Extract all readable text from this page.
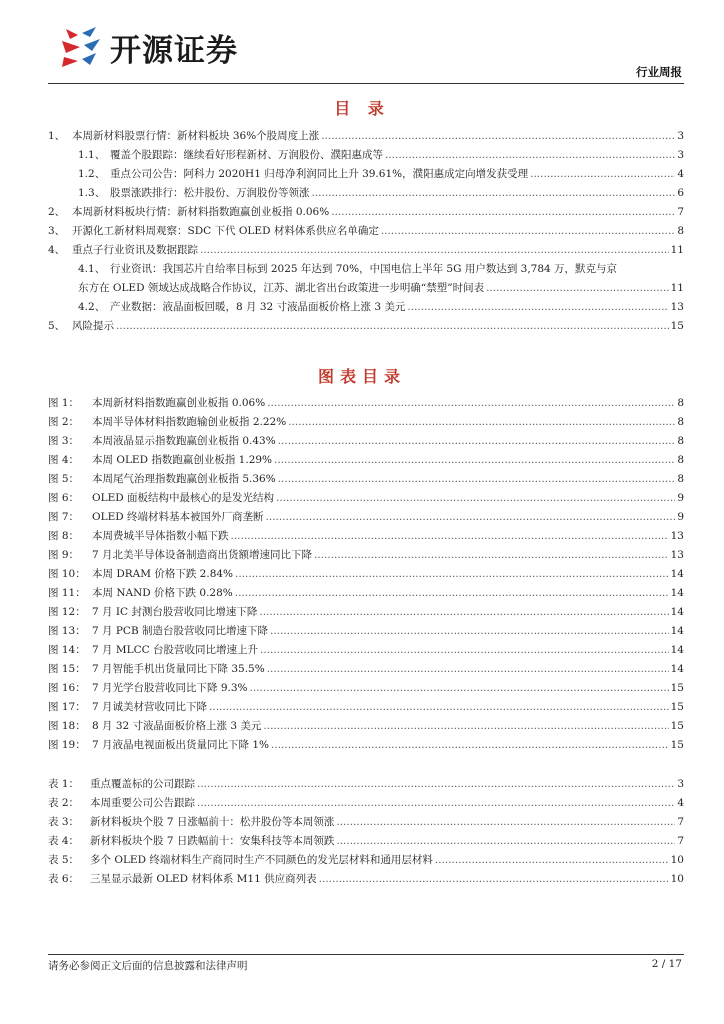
开源证券
行业周报
目 录
1、 本周新材料股票行情：新材料板块 36%个股周度上涨 .....	3
1.1、 覆盖个股跟踪：继续看好形程新材、万润股份、濮阳惠成等 .....	3
1.2、 重点公司公告：阿科力 2020H1 归母净利润同比上升 39.61%，濮阳惠成定向增发获受理 .....	4
1.3、 股票涨跌排行：松井股份、万润股份等领涨 .....	6
2、 本周新材料板块行情：新材料指数跑赢创业板指 0.06% .....	7
3、 开源化工新材料周观察：SDC 下代 OLED 材料体系供应名单确定 .....	8
4、 重点子行业资讯及数据跟踪 .....	11
4.1、 行业资讯：我国芯片自给率目标到 2025 年达到 70%，中国电信上半年 5G 用户数达到 3,784 万，默克与京
东方在 OLED 领域达成战略合作协议，江苏、湖北省出台政策进一步明确“禁塑”时间表 .....	11
4.2、 产业数据：液晶面板回暖，8 月 32 寸液晶面板价格上涨 3 美元 .....	13
5、 风险提示 .....	15
图表目录
图 1：	本周新材料指数跑赢创业板指 0.06% .....	8
图 2：	本周半导体材料指数跑输创业板指 2.22% .....	8
图 3：	本周液晶显示指数跑赢创业板指 0.43% .....	8
图 4：	本周 OLED 指数跑赢创业板指 1.29% .....	8
图 5：	本周尾气治理指数跑赢创业板指 5.36% .....	8
图 6：	OLED 面板结构中最核心的是发光结构 .....	9
图 7：	OLED 终端材料基本被国外厂商垄断 .....	9
图 8：	本周费城半导体指数小幅下跌 .....	13
图 9：	7 月北美半导体设备制造商出货额增速同比下降 .....	13
图 10： 本周 DRAM 价格下跌 2.84% .....	14
图 11： 本周 NAND 价格下跌 0.28% .....	14
图 12： 7 月 IC 封测台股营收同比增速下降 .....	14
图 13： 7 月 PCB 制造台股营收同比增速下降 .....	14
图 14： 7 月 MLCC 台股营收同比增速上升 .....	14
图 15： 7 月智能手机出货量同比下降 35.5% .....	14
图 16： 7 月光学台股营收同比下降 9.3% .....	15
图 17： 7 月诚美材营收同比下降 .....	15
图 18： 8 月 32 寸液晶面板价格上涨 3 美元 .....	15
图 19： 7 月液晶电视面板出货量同比下降 1% .....	15
表 1：	重点覆盖标的公司跟踪 .....	3
表 2：	本周重要公司公告跟踪 .....	4
表 3：	新材料板块个股 7 日涨幅前十：松井股份等本周领涨 .....	7
表 4：	新材料板块个股 7 日跌幅前十：安集科技等本周领跌 .....	7
表 5：	多个 OLED 终端材料生产商同时生产不同颜色的发光层材料和通用层材料 .....	10
表 6：	三星显示最新 OLED 材料体系 M11 供应商列表 .....	10
请务必参阅正文后面的信息披露和法律声明	2 / 17
